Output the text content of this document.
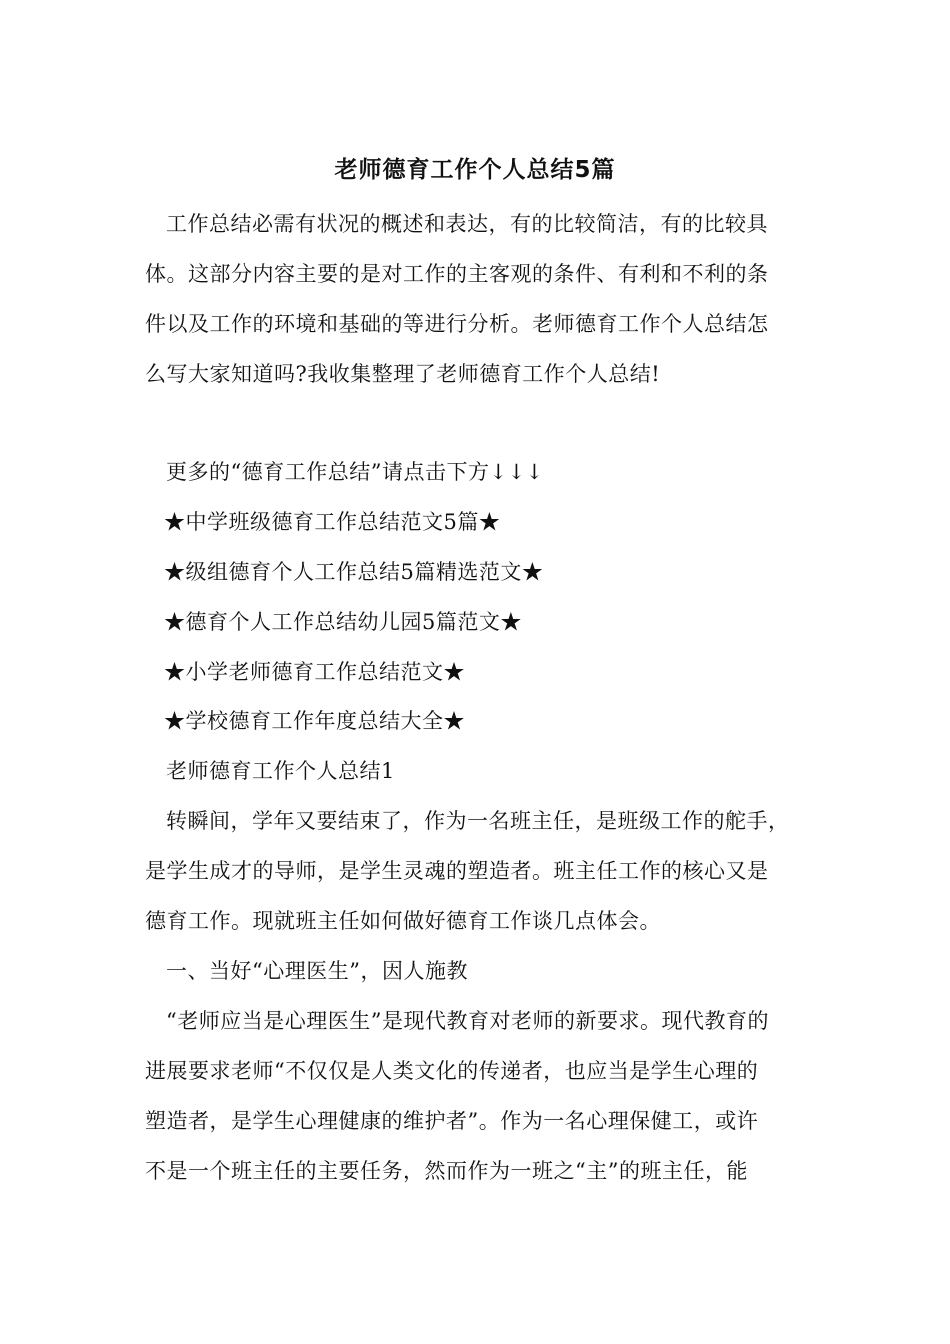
老师德育工作个人总结5篇
工作总结必需有状况的概述和表达，有的比较简洁，有的比较具
体。这部分内容主要的是对工作的主客观的条件、有利和不利的条
件以及工作的环境和基础的等进行分析。老师德育工作个人总结怎
么写大家知道吗?我收集整理了老师德育工作个人总结!
更多的“德育工作总结”请点击下方↓↓↓
★中学班级德育工作总结范文5篇★
★级组德育个人工作总结5篇精选范文★
★德育个人工作总结幼儿园5篇范文★
★小学老师德育工作总结范文★
★学校德育工作年度总结大全★
老师德育工作个人总结1
转瞬间，学年又要结束了，作为一名班主任，是班级工作的舵手，
是学生成才的导师，是学生灵魂的塑造者。班主任工作的核心又是
德育工作。现就班主任如何做好德育工作谈几点体会。
一、当好“心理医生”，因人施教
“老师应当是心理医生”是现代教育对老师的新要求。现代教育的
进展要求老师“不仅仅是人类文化的传递者，也应当是学生心理的
塑造者，是学生心理健康的维护者”。作为一名心理保健工，或许
不是一个班主任的主要任务，然而作为一班之“主”的班主任，能
